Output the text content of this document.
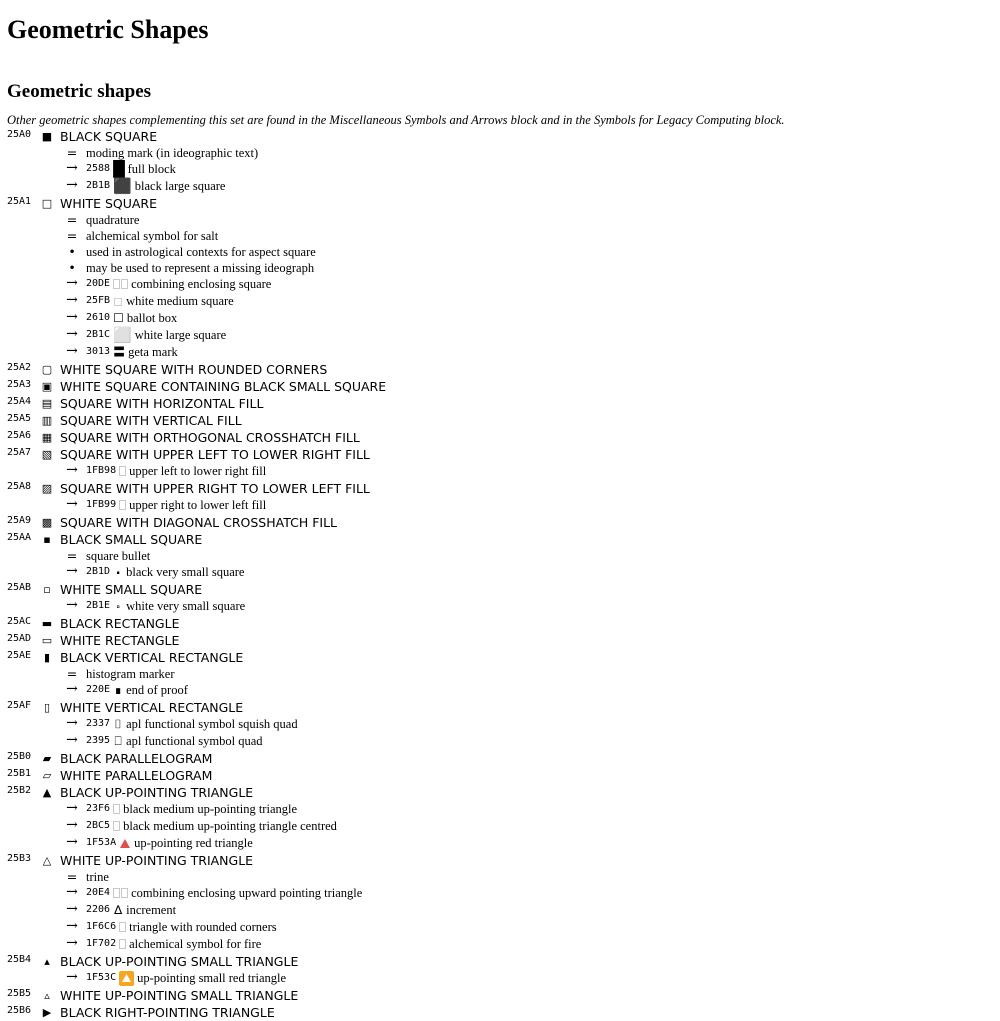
Geometric Shapes
Geometric shapes

Other geometric shapes complementing this set are found in the Miscellaneous Symbols and Arrows block and in the Symbols for Legacy Computing block.

25A0 ■ BLACK SQUARE
= moding mark (in ideographic text)
→ 2588 █ full block
→ 2B1B ⬛ black large square
25A1 □ WHITE SQUARE
= quadrature
= alchemical symbol for salt
• used in astrological contexts for aspect square
• may be used to represent a missing ideograph
→ 20DE combining enclosing square
→ 25FB ◻ white medium square
→ 2610 ☐ ballot box
→ 2B1C ⬜ white large square
→ 3013 〓 geta mark
25A2 ▢ WHITE SQUARE WITH ROUNDED CORNERS
25A3 ▣ WHITE SQUARE CONTAINING BLACK SMALL SQUARE
25A4 ▤ SQUARE WITH HORIZONTAL FILL
25A5 ▥ SQUARE WITH VERTICAL FILL
25A6 ▦ SQUARE WITH ORTHOGONAL CROSSHATCH FILL
25A7 ▧ SQUARE WITH UPPER LEFT TO LOWER RIGHT FILL
→ 1FB98 upper left to lower right fill
25A8 ▨ SQUARE WITH UPPER RIGHT TO LOWER LEFT FILL
→ 1FB99 upper right to lower left fill
25A9 ▩ SQUARE WITH DIAGONAL CROSSHATCH FILL
25AA ▪ BLACK SMALL SQUARE
= square bullet
→ 2B1D ⬝ black very small square
25AB ▫ WHITE SMALL SQUARE
→ 2B1E ⬞ white very small square
25AC ▬ BLACK RECTANGLE
25AD ▭ WHITE RECTANGLE
25AE	▮ BLACK VERTICAL RECTANGLE
= histogram marker
→ 220E ∎ end of proof
25AF	▯ WHITE VERTICAL RECTANGLE
→ 2337 ⌷ apl functional symbol squish quad
→ 2395 ⎕ apl functional symbol quad
25B0 ▰ BLACK PARALLELOGRAM
25B1 ▱ WHITE PARALLELOGRAM
25B2 ▲ BLACK UP-POINTING TRIANGLE
→ 23F6 black medium up-pointing triangle
→ 2BC5 black medium up-pointing triangle centred
→ 1F53A up-pointing red triangle
25B3 △ WHITE UP-POINTING TRIANGLE
= trine
→ 20E4 combining enclosing upward pointing triangle
→ 2206 ∆ increment
→ 1F6C6 triangle with rounded corners
→ 1F702 alchemical symbol for fire
25B4	▴ BLACK UP-POINTING SMALL TRIANGLE
→ 1F53C up-pointing small red triangle
25B5	▵ WHITE UP-POINTING SMALL TRIANGLE
25B6 ▶ BLACK RIGHT-POINTING TRIANGLE
